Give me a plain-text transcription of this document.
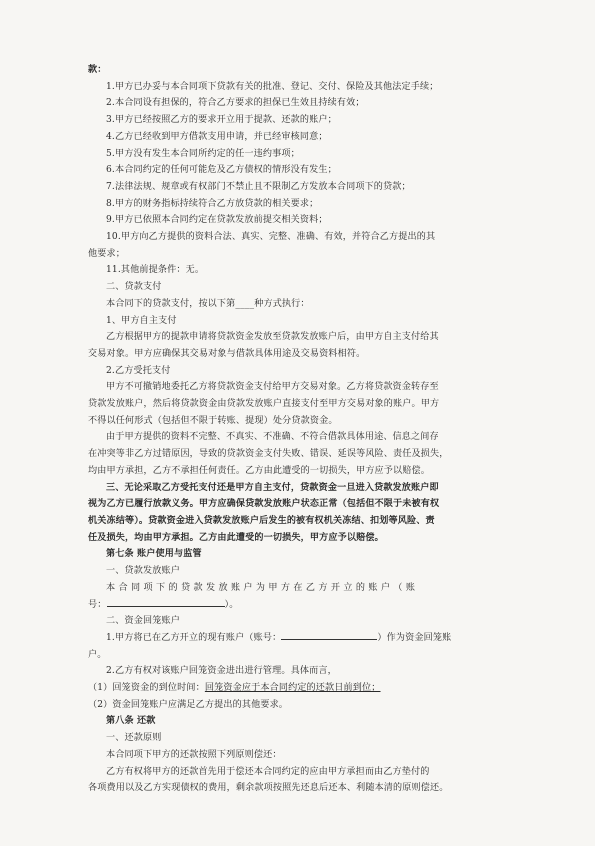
款：
1.甲方已办妥与本合同项下贷款有关的批准、登记、交付、保险及其他法定手续；
2.本合同设有担保的，符合乙方要求的担保已生效且持续有效；
3.甲方已经按照乙方的要求开立用于提款、还款的账户；
4.乙方已经收到甲方借款支用申请，并已经审核同意；
5.甲方没有发生本合同所约定的任一违约事项；
6.本合同约定的任何可能危及乙方债权的情形没有发生；
7.法律法规、规章或有权部门不禁止且不限制乙方发放本合同项下的贷款；
8.甲方的财务指标持续符合乙方放贷款的相关要求；
9.甲方已依照本合同约定在贷款发放前提交相关资料；
10.甲方向乙方提供的资料合法、真实、完整、准确、有效，并符合乙方提出的其
他要求；
11.其他前提条件：无。
二、贷款支付
本合同下的贷款支付，按以下第____种方式执行：
1、甲方自主支付
乙方根据甲方的提款申请将贷款资金发放至贷款发放账户后，由甲方自主支付给其
交易对象。甲方应确保其交易对象与借款具体用途及交易资料相符。
2.乙方受托支付
甲方不可撤销地委托乙方将贷款资金支付给甲方交易对象。乙方将贷款资金转存至
贷款发放账户，然后将贷款资金由贷款发放账户直接支付至甲方交易对象的账户。甲方
不得以任何形式（包括但不限于转账、提现）处分贷款资金。
由于甲方提供的资料不完整、不真实、不准确、不符合借款具体用途、信息之间存
在冲突等非乙方过错原因，导致的贷款资金支付失败、错误、延误等风险、责任及损失，
均由甲方承担，乙方不承担任何责任。乙方由此遭受的一切损失，甲方应予以赔偿。
三、无论采取乙方受托支付还是甲方自主支付，贷款资金一旦进入贷款发放账户即
视为乙方已履行放款义务。甲方应确保贷款发放账户状态正常（包括但不限于未被有权
机关冻结等）。贷款资金进入贷款发放账户后发生的被有权机关冻结、扣划等风险、责
任及损失，均由甲方承担。乙方由此遭受的一切损失，甲方应予以赔偿。
第七条 账户使用与监管
一、贷款发放账户
本合同项下的贷款发放账户为甲方在乙方开立的账户（账
号：	）。
二、资金回笼账户
1.甲方将已在乙方开立的现有账户（账号：	）作为资金回笼账
户。
2.乙方有权对该账户回笼资金进出进行管理。具体而言，
（1）回笼资金的到位时间：回笼资金应于本合同约定的还款日前到位；
（2）资金回笼账户应满足乙方提出的其他要求。
第八条 还款
一、还款原则
本合同项下甲方的还款按照下列原则偿还：
乙方有权将甲方的还款首先用于偿还本合同约定的应由甲方承担而由乙方垫付的
各项费用以及乙方实现债权的费用，剩余款项按照先还息后还本、利随本清的原则偿还。
